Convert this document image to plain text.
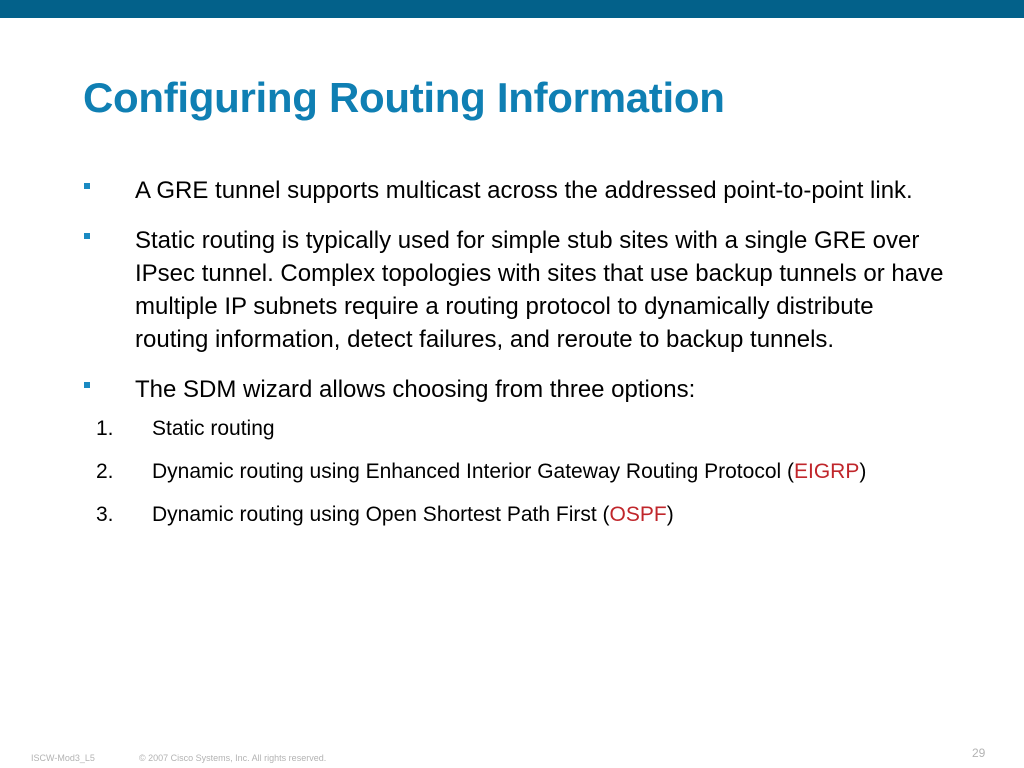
Configuring Routing Information
A GRE tunnel supports multicast across the addressed point-to-point link.
Static routing is typically used for simple stub sites with a single GRE over IPsec tunnel. Complex topologies with sites that use backup tunnels or have multiple IP subnets require a routing protocol to dynamically distribute routing information, detect failures, and reroute to backup tunnels.
The SDM wizard allows choosing from three options:
1. Static routing
2. Dynamic routing using Enhanced Interior Gateway Routing Protocol (EIGRP)
3. Dynamic routing using Open Shortest Path First (OSPF)
ISCW-Mod3_L5	© 2007 Cisco Systems, Inc. All rights reserved.	29
